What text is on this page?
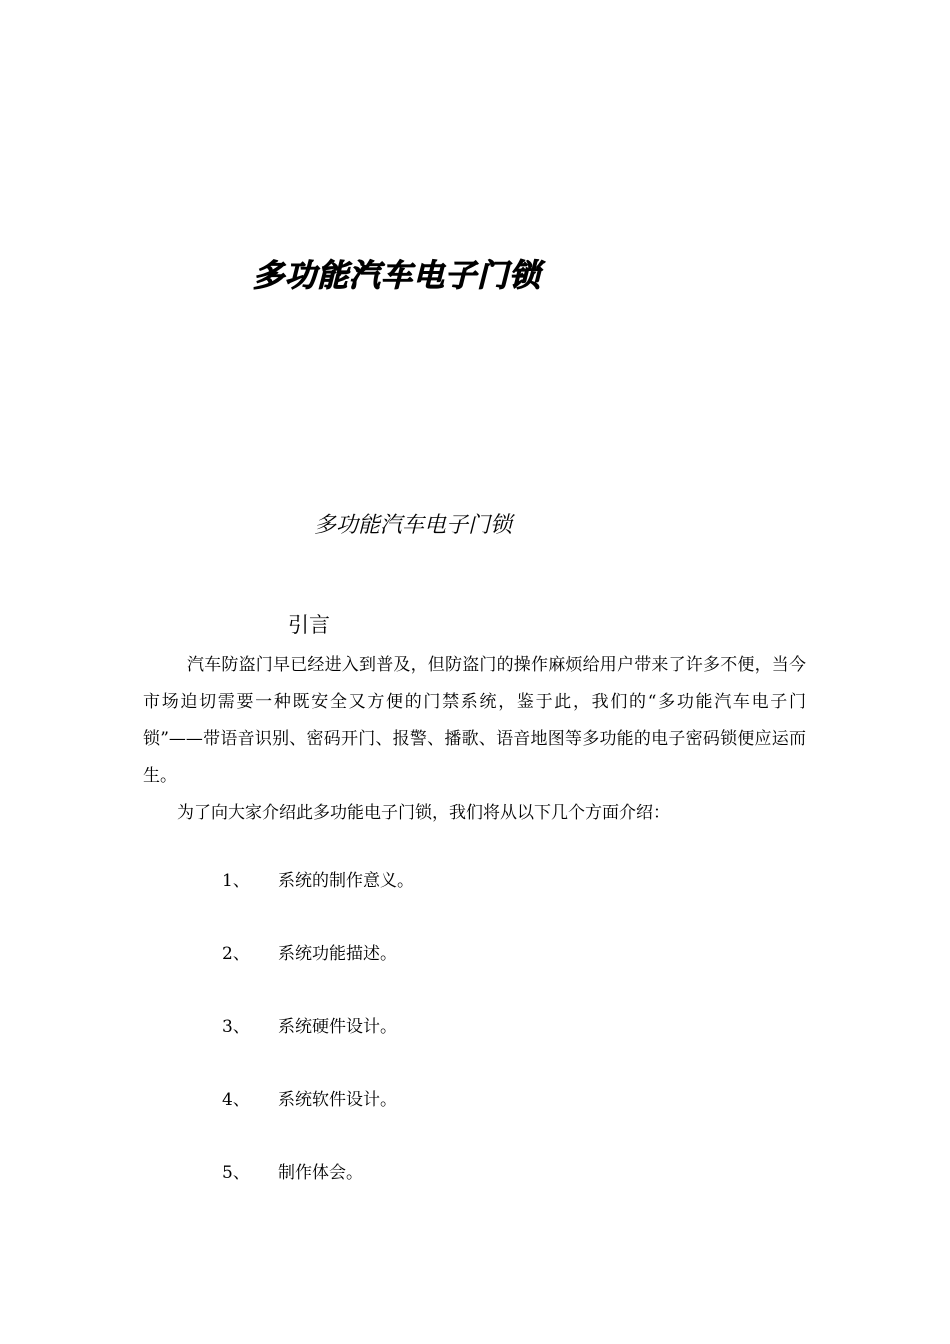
多功能汽车电子门锁
多功能汽车电子门锁
引言

汽车防盗门早已经进入到普及，但防盗门的操作麻烦给用户带来了许多不便，当今市场迫切需要一种既安全又方便的门禁系统，鉴于此，我们的“多功能汽车电子门锁”——带语音识别、密码开门、报警、播歌、语音地图等多功能的电子密码锁便应运而生。

为了向大家介绍此多功能电子门锁，我们将从以下几个方面介绍：

1、 系统的制作意义。
2、 系统功能描述。
3、 系统硬件设计。
4、 系统软件设计。
5、 制作体会。
